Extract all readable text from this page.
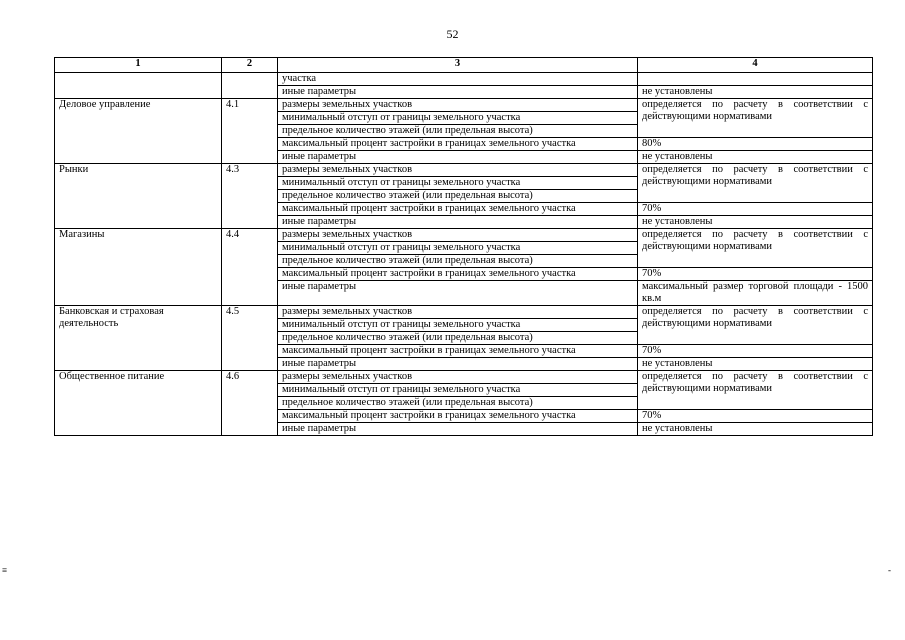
52
1	2	3	4
		участка	
		иные параметры	не установлены
Деловое управление	4.1	размеры земельных участков	определяется по расчету в соответствии с действующими нормативами
		минимальный отступ от границы земельного участка	
		предельное количество этажей (или предельная высота)	
		максимальный процент застройки в границах земельного участка	80%
		иные параметры	не установлены
Рынки	4.3	размеры земельных участков	определяется по расчету в соответствии с действующими нормативами
		минимальный отступ от границы земельного участка	
		предельное количество этажей (или предельная высота)	
		максимальный процент застройки в границах земельного участка	70%
		иные параметры	не установлены
Магазины	4.4	размеры земельных участков	определяется по расчету в соответствии с действующими нормативами
		минимальный отступ от границы земельного участка	
		предельное количество этажей (или предельная высота)	
		максимальный процент застройки в границах земельного участка	70%
		иные параметры	максимальный размер торговой площади - 1500 кв.м
Банковская и страховая деятельность	4.5	размеры земельных участков	определяется по расчету в соответствии с действующими нормативами
		минимальный отступ от границы земельного участка	
		предельное количество этажей (или предельная высота)	
		максимальный процент застройки в границах земельного участка	70%
		иные параметры	не установлены
Общественное питание	4.6	размеры земельных участков	определяется по расчету в соответствии с действующими нормативами
		минимальный отступ от границы земельного участка	
		предельное количество этажей (или предельная высота)	
		максимальный процент застройки в границах земельного участка	70%
		иные параметры	не установлены
≡	-
